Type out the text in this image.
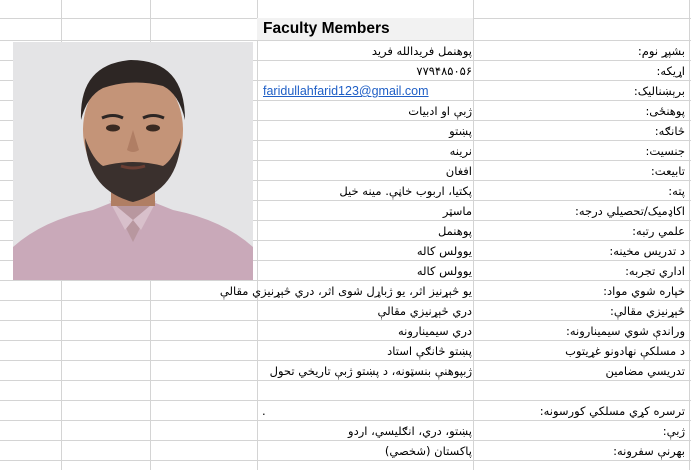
Faculty Members
بشپړ نوم:
پوهنمل فریدالله فرید
اړیکه:
۷۷۹۴۸۵۰۵۶
برېښناليک:
faridullahfarid123@gmail.com
پوهنځی:
ژبې او ادبيات
څانګه:
پښتو
جنسيت:
نرينه
تابيعت:
افغان
پته:
پکتيا، اربوب خاڼې. مينه خيل
اکاډميک/تحصيلي درجه:
ماسټر
علمي رتبه:
پوهنمل
د تدريس مخينه:
يوولس کاله
اداري تجربه:
يوولس کاله
خپاره شوي مواد:
يو څېړنيز اثر، يو ژباړل شوی اثر، دري څېړنيزي مقالې
څېړنيزي مقالې:
دري څېړنيزي مقالې
وراندې شوي سيمينارونه:
دري سيمينارونه
د مسلکې نهادونو غړيتوب
پښتو څانګې استاد
تدريسي مضامين
ژبپوهنې بنسټونه، د پښتو ژبې تاريخي تحول
ترسره کړي مسلکي کورسونه:
.
ژبې:
پښتو، دري، انګليسي، اردو
بهرنې سفرونه:
پاکستان (شخصي)
